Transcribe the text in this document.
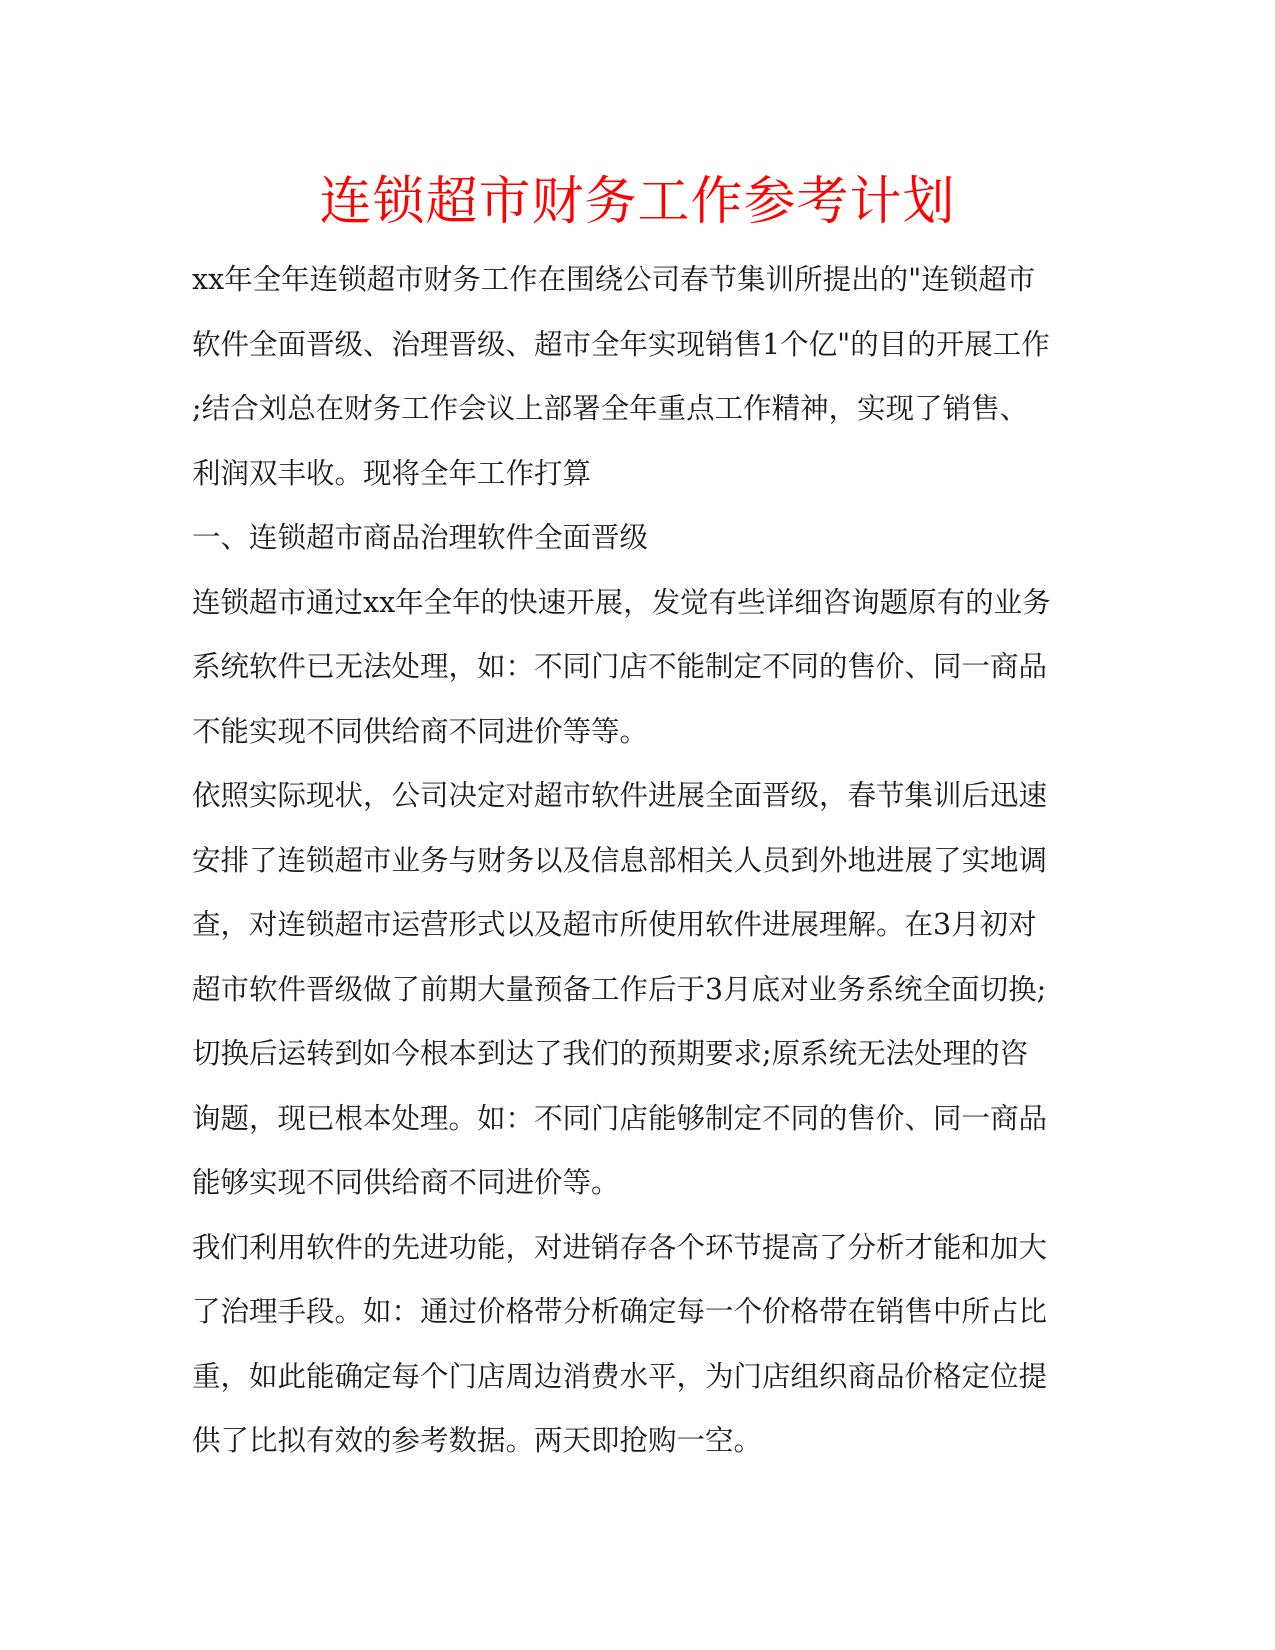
连锁超市财务工作参考计划
xx年全年连锁超市财务工作在围绕公司春节集训所提出的"连锁超市
软件全面晋级、治理晋级、超市全年实现销售1个亿"的目的开展工作
;结合刘总在财务工作会议上部署全年重点工作精神，实现了销售、
利润双丰收。现将全年工作打算
一、连锁超市商品治理软件全面晋级
连锁超市通过xx年全年的快速开展，发觉有些详细咨询题原有的业务
系统软件已无法处理，如：不同门店不能制定不同的售价、同一商品
不能实现不同供给商不同进价等等。
依照实际现状，公司决定对超市软件进展全面晋级，春节集训后迅速
安排了连锁超市业务与财务以及信息部相关人员到外地进展了实地调
查，对连锁超市运营形式以及超市所使用软件进展理解。在3月初对
超市软件晋级做了前期大量预备工作后于3月底对业务系统全面切换;
切换后运转到如今根本到达了我们的预期要求;原系统无法处理的咨
询题，现已根本处理。如：不同门店能够制定不同的售价、同一商品
能够实现不同供给商不同进价等。
我们利用软件的先进功能，对进销存各个环节提高了分析才能和加大
了治理手段。如：通过价格带分析确定每一个价格带在销售中所占比
重，如此能确定每个门店周边消费水平，为门店组织商品价格定位提
供了比拟有效的参考数据。两天即抢购一空。
